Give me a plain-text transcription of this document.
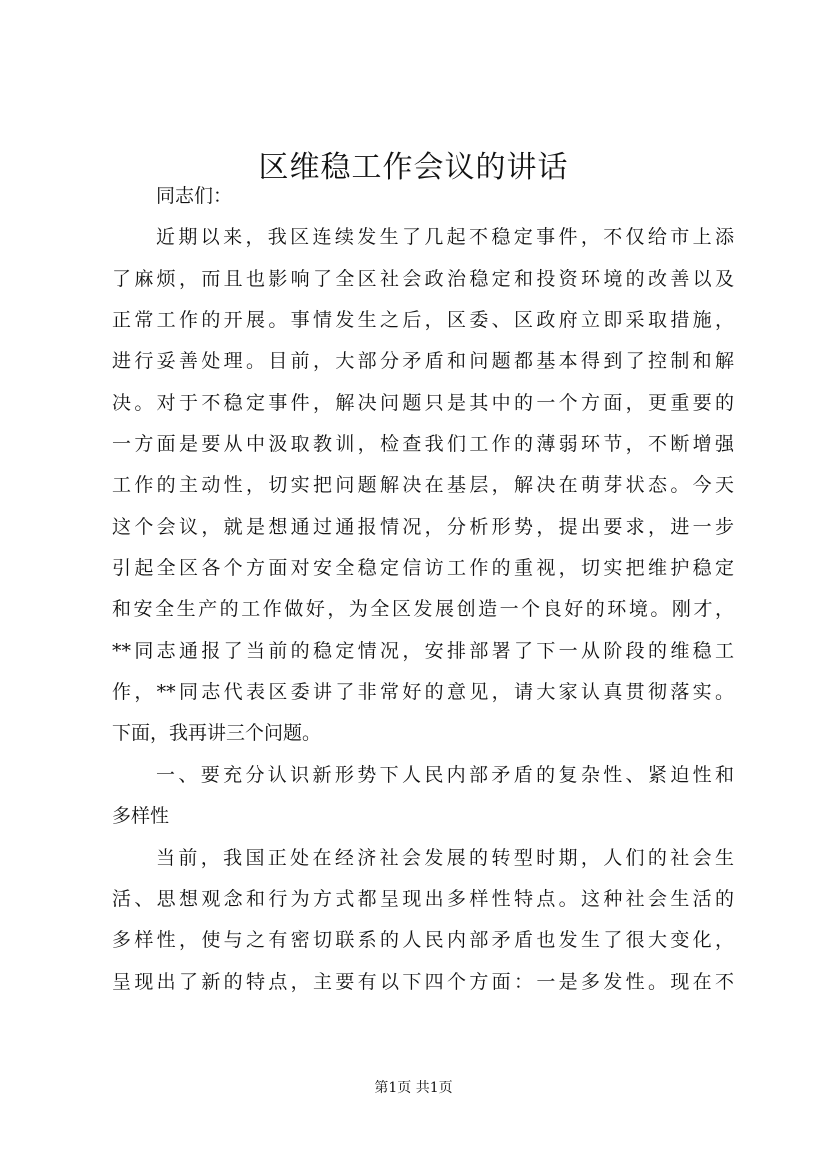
区维稳工作会议的讲话
同志们：
近期以来，我区连续发生了几起不稳定事件，不仅给市上添
了麻烦，而且也影响了全区社会政治稳定和投资环境的改善以及
正常工作的开展。事情发生之后，区委、区政府立即采取措施，
进行妥善处理。目前，大部分矛盾和问题都基本得到了控制和解
决。对于不稳定事件，解决问题只是其中的一个方面，更重要的
一方面是要从中汲取教训，检查我们工作的薄弱环节，不断增强
工作的主动性，切实把问题解决在基层，解决在萌芽状态。今天
这个会议，就是想通过通报情况，分析形势，提出要求，进一步
引起全区各个方面对安全稳定信访工作的重视，切实把维护稳定
和安全生产的工作做好，为全区发展创造一个良好的环境。刚才，
**同志通报了当前的稳定情况，安排部署了下一从阶段的维稳工
作，**同志代表区委讲了非常好的意见，请大家认真贯彻落实。
下面，我再讲三个问题。
一、要充分认识新形势下人民内部矛盾的复杂性、紧迫性和
多样性
当前，我国正处在经济社会发展的转型时期，人们的社会生
活、思想观念和行为方式都呈现出多样性特点。这种社会生活的
多样性，使与之有密切联系的人民内部矛盾也发生了很大变化，
呈现出了新的特点，主要有以下四个方面：一是多发性。现在不
第1页 共1页
